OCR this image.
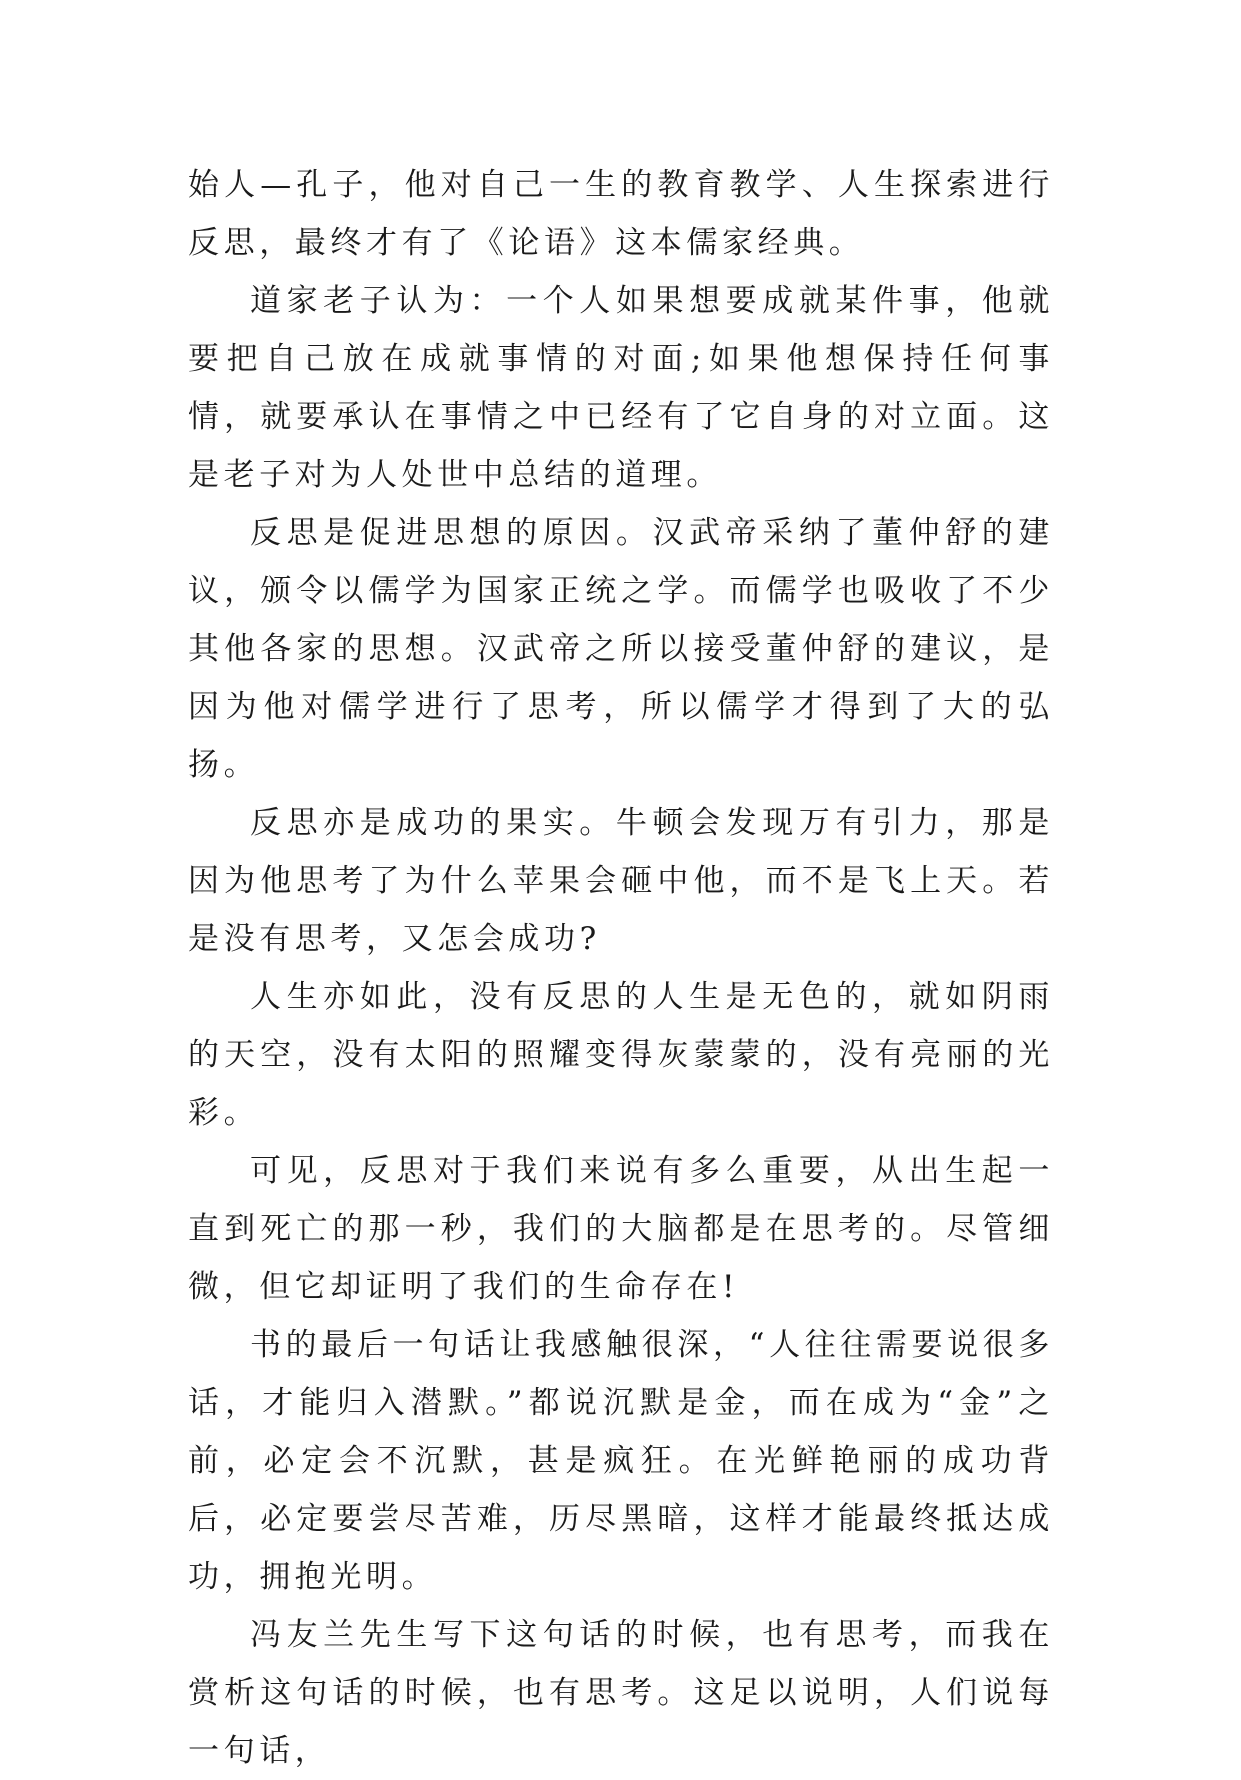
始人—孔子，他对自己一生的教育教学、人生探索进行反思，最终才有了《论语》这本儒家经典。

道家老子认为：一个人如果想要成就某件事，他就要把自己放在成就事情的对面;如果他想保持任何事情，就要承认在事情之中已经有了它自身的对立面。这是老子对为人处世中总结的道理。

反思是促进思想的原因。汉武帝采纳了董仲舒的建议，颁令以儒学为国家正统之学。而儒学也吸收了不少其他各家的思想。汉武帝之所以接受董仲舒的建议，是因为他对儒学进行了思考，所以儒学才得到了大的弘扬。

反思亦是成功的果实。牛顿会发现万有引力，那是因为他思考了为什么苹果会砸中他，而不是飞上天。若是没有思考，又怎会成功?

人生亦如此，没有反思的人生是无色的，就如阴雨的天空，没有太阳的照耀变得灰蒙蒙的，没有亮丽的光彩。

可见，反思对于我们来说有多么重要，从出生起一直到死亡的那一秒，我们的大脑都是在思考的。尽管细微，但它却证明了我们的生命存在!

书的最后一句话让我感触很深，“人往往需要说很多话，才能归入潜默。”都说沉默是金，而在成为“金”之前，必定会不沉默，甚是疯狂。在光鲜艳丽的成功背后，必定要尝尽苦难，历尽黑暗，这样才能最终抵达成功，拥抱光明。

冯友兰先生写下这句话的时候，也有思考，而我在赏析这句话的时候，也有思考。这足以说明，人们说每一句话，
